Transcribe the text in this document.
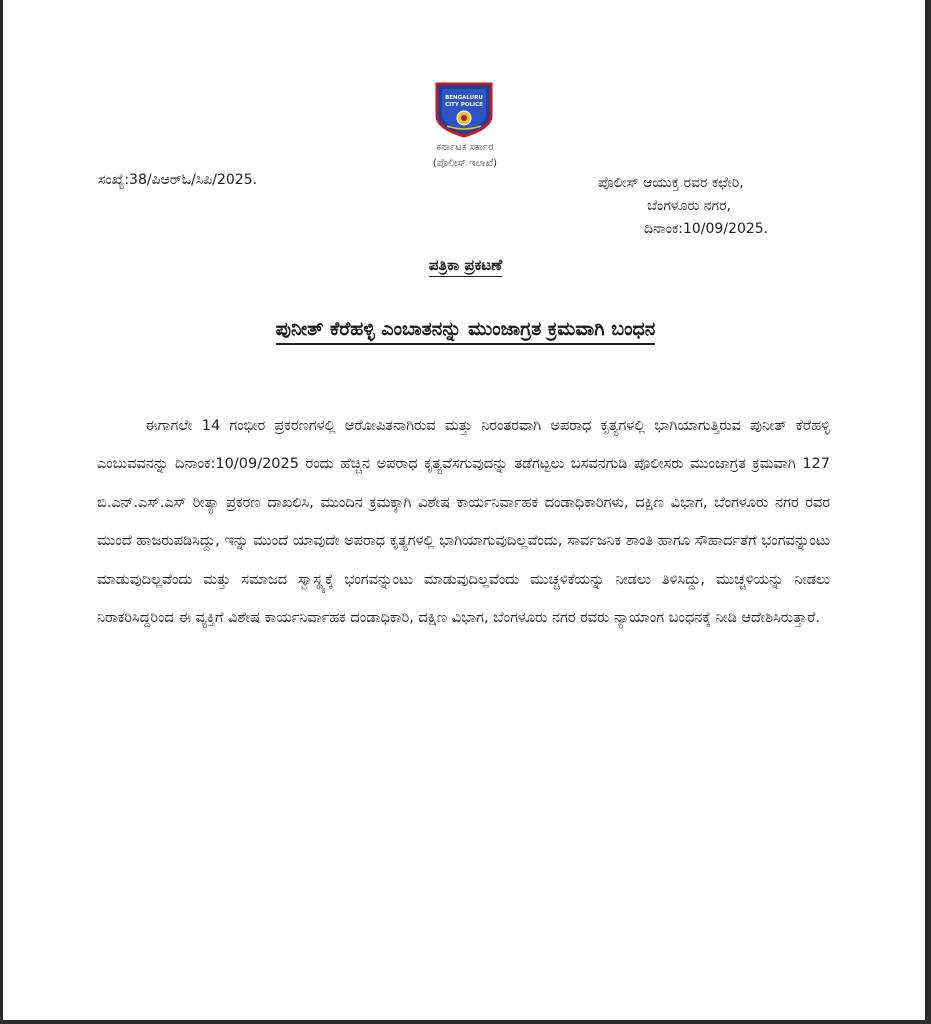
BENGALURU
CITY POLICE
ಕರ್ನಾಟಕ ಸರ್ಕಾರ
(ಪೊಲೀಸ್ ಇಲಾಖೆ)
ಸಂಖ್ಯೆ:38/ಪಿಆರ್‌ಓ/ಸಿಪಿ/2025.	ಪೊಲೀಸ್ ಆಯುಕ್ತ ರವರ ಕಛೇರಿ,
ಬೆಂಗಳೂರು ನಗರ,
ದಿನಾಂಕ:10/09/2025.
ಪತ್ರಿಕಾ ಪ್ರಕಟಣೆ
ಪುನೀತ್ ಕೆರೆಹಳ್ಳಿ ಎಂಬಾತನನ್ನು ಮುಂಜಾಗ್ರತ ಕ್ರಮವಾಗಿ ಬಂಧನ
ಈಗಾಗಲೇ 14 ಗಂಭೀರ ಪ್ರಕರಣಗಳಲ್ಲಿ ಆರೋಪಿತನಾಗಿರುವ ಮತ್ತು ನಿರಂತರವಾಗಿ ಅಪರಾಧ ಕೃತ್ಯಗಳಲ್ಲಿ ಭಾಗಿಯಾಗುತ್ತಿರುವ ಪುನೀತ್ ಕೆರೆಹಳ್ಳಿ ಎಂಬುವವನನ್ನು ದಿನಾಂಕ:10/09/2025 ರಂದು ಹೆಚ್ಚಿನ ಅಪರಾಧ ಕೃತ್ಯವೆಸಗುವುದನ್ನು ತಡೆಗಟ್ಟಲು ಬಸವನಗುಡಿ ಪೊಲೀಸರು ಮುಂಜಾಗ್ರತ ಕ್ರಮವಾಗಿ 127 ಬಿ.ಎನ್.ಎಸ್.ಎಸ್ ರೀತ್ಯಾ ಪ್ರಕರಣ ದಾಖಲಿಸಿ, ಮುಂದಿನ ಕ್ರಮಕ್ಕಾಗಿ ವಿಶೇಷ ಕಾರ್ಯನಿರ್ವಾಹಕ ದಂಡಾಧಿಕಾರಿಗಳು, ದಕ್ಷಿಣ ವಿಭಾಗ, ಬೆಂಗಳೂರು ನಗರ ರವರ ಮುಂದೆ ಹಾಜರುಪಡಿಸಿದ್ದು, ಇನ್ನು ಮುಂದೆ ಯಾವುದೇ ಅಪರಾಧ ಕೃತ್ಯಗಳಲ್ಲಿ ಭಾಗಿಯಾಗುವುದಿಲ್ಲವೆಂದು, ಸಾರ್ವಜನಿಕ ಶಾಂತಿ ಹಾಗೂ ಸೌಹಾರ್ದತೆಗೆ ಭಂಗವನ್ನುಂಟು ಮಾಡುವುದಿಲ್ಲವೆಂದು ಮತ್ತು ಸಮಾಜದ ಸ್ವಾಸ್ಥ್ಯಕ್ಕೆ ಭಂಗವನ್ನುಂಟು ಮಾಡುವುದಿಲ್ಲವೆಂದು ಮುಚ್ಚಳಿಕೆಯನ್ನು ನೀಡಲು ತಿಳಿಸಿದ್ದು, ಮುಚ್ಚಳಿಯನ್ನು ನೀಡಲು ನಿರಾಕರಿಸಿದ್ದರಿಂದ ಈ ವ್ಯಕ್ತಿಗೆ ವಿಶೇಷ ಕಾರ್ಯನಿರ್ವಾಹಕ ದಂಡಾಧಿಕಾರಿ, ದಕ್ಷಿಣ ವಿಭಾಗ, ಬೆಂಗಳೂರು ನಗರ ರವರು ನ್ಯಾಯಾಂಗ ಬಂಧನಕ್ಕೆ ನೀಡಿ ಆದೇಶಿಸಿರುತ್ತಾರೆ.
